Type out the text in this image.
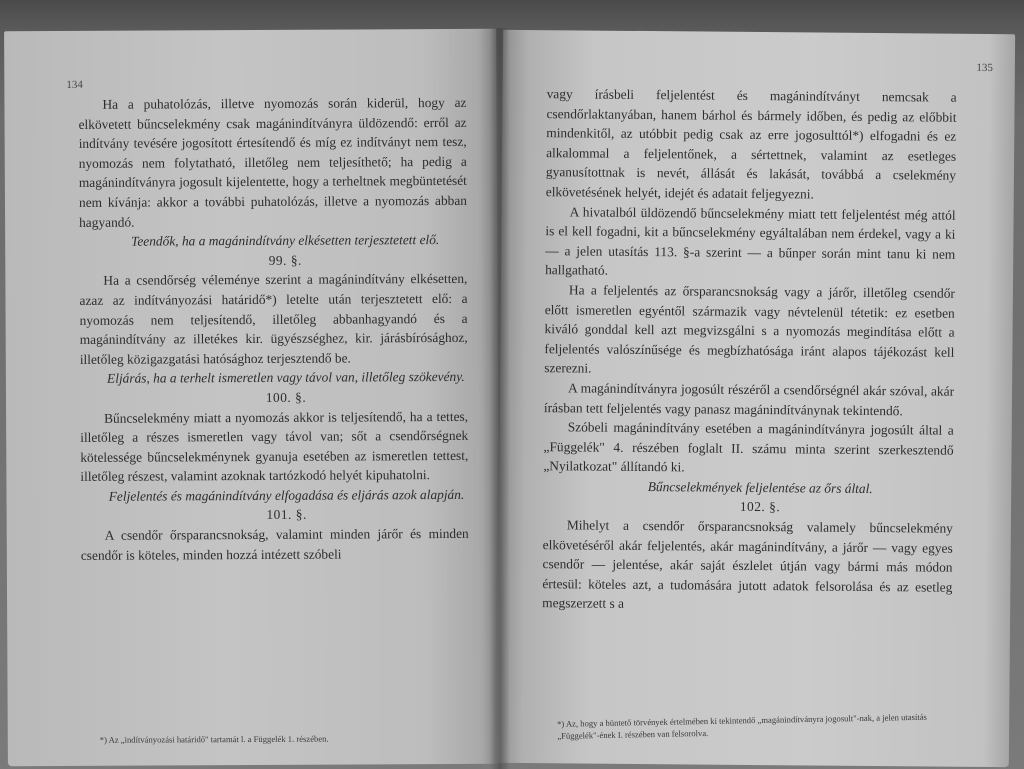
134

Ha a puhatolózás, illetve nyomozás során kiderül, hogy az elkövetett bűncselekmény csak magánindítványra üldözendő: erről az indítvány tevésére jogosított értesítendő és míg ez indítványt nem tesz, nyomozás nem folytatható, illetőleg nem teljesíthető; ha pedig a magánindítványra jogosult kijelentette, hogy a terheltnek megbüntetését nem kívánja: akkor a további puhatolózás, illetve a nyomozás abban hagyandó.

Teendők, ha a magánindítvány elkésetten terjesztetett elő.

99. §.

Ha a csendőrség véleménye szerint a magánindítvány elkésetten, azaz az indítványozási határidő*) letelte után terjesztetett elő: a nyomozás nem teljesítendő, illetőleg abbanhagyandó és a magánindítvány az illetékes kir. ügyészséghez, kir. járásbírósághoz, illetőleg közigazgatási hatósághoz terjesztendő be.

Eljárás, ha a terhelt ismeretlen vagy távol van, illetőleg szökevény.

100. §.

Bűncselekmény miatt a nyomozás akkor is teljesítendő, ha a tettes, illetőleg a részes ismeretlen vagy távol van; sőt a csendőrségnek kötelessége bűncselekménynek gyanuja esetében az ismeretlen tettest, illetőleg részest, valamint azoknak tartózkodó helyét kipuhatolni.

Feljelentés és magánindítvány elfogadása és eljárás azok alapján.

101. §.

A csendőr őrsparancsnokság, valamint minden járőr és minden csendőr is köteles, minden hozzá intézett szóbeli

*) Az „indítványozási határidő" tartamát l. a Függelék 1. részében.
135

vagy írásbeli feljelentést és magánindítványt nemcsak a csendőrlaktanyában, hanem bárhol és bármely időben, és pedig az előbbit mindenkitől, az utóbbit pedig csak az erre jogosulttól*) elfogadni és ez alkalommal a feljelentőnek, a sértettnek, valamint az esetleges gyanusítottnak is nevét, állását és lakását, továbbá a cselekmény elkövetésének helyét, idejét és adatait feljegyezni.

A hivatalból üldözendő bűncselekmény miatt tett feljelentést még attól is el kell fogadni, kit a bűncselekmény egyáltalában nem érdekel, vagy a ki — a jelen utasítás 113. §-a szerint — a bűnper során mint tanu ki nem hallgatható.

Ha a feljelentés az őrsparancsnokság vagy a járőr, illetőleg csendőr előtt ismeretlen egyéntől származik vagy névtelenül tétetik: ez esetben kiváló gonddal kell azt megvizsgálni s a nyomozás megindítása előtt a feljelentés valószínűsége és megbízhatósága iránt alapos tájékozást kell szerezni.

A magánindítványra jogosúlt részéről a csendőrségnél akár szóval, akár írásban tett feljelentés vagy panasz magánindítványnak tekintendő.

Szóbeli magánindítvány esetében a magánindítványra jogosúlt által a „Függelék" 4. részében foglalt II. számu minta szerint szerkesztendő „Nyilatkozat" állítandó ki.

Bűncselekmények feljelentése az őrs által.

102. §.

Mihelyt a csendőr őrsparancsnokság valamely bűncselekmény elkövetéséről akár feljelentés, akár magánindítvány, a járőr — vagy egyes csendőr — jelentése, akár saját észlelet útján vagy bármi más módon értesül: köteles azt, a tudomására jutott adatok felsorolása és az esetleg megszerzett s a

*) Az, hogy a büntető törvények értelmében ki tekintendő „magánindítványra jogosult"-nak, a jelen utasítás „Függelék"-ének I. részében van felsorolva.
